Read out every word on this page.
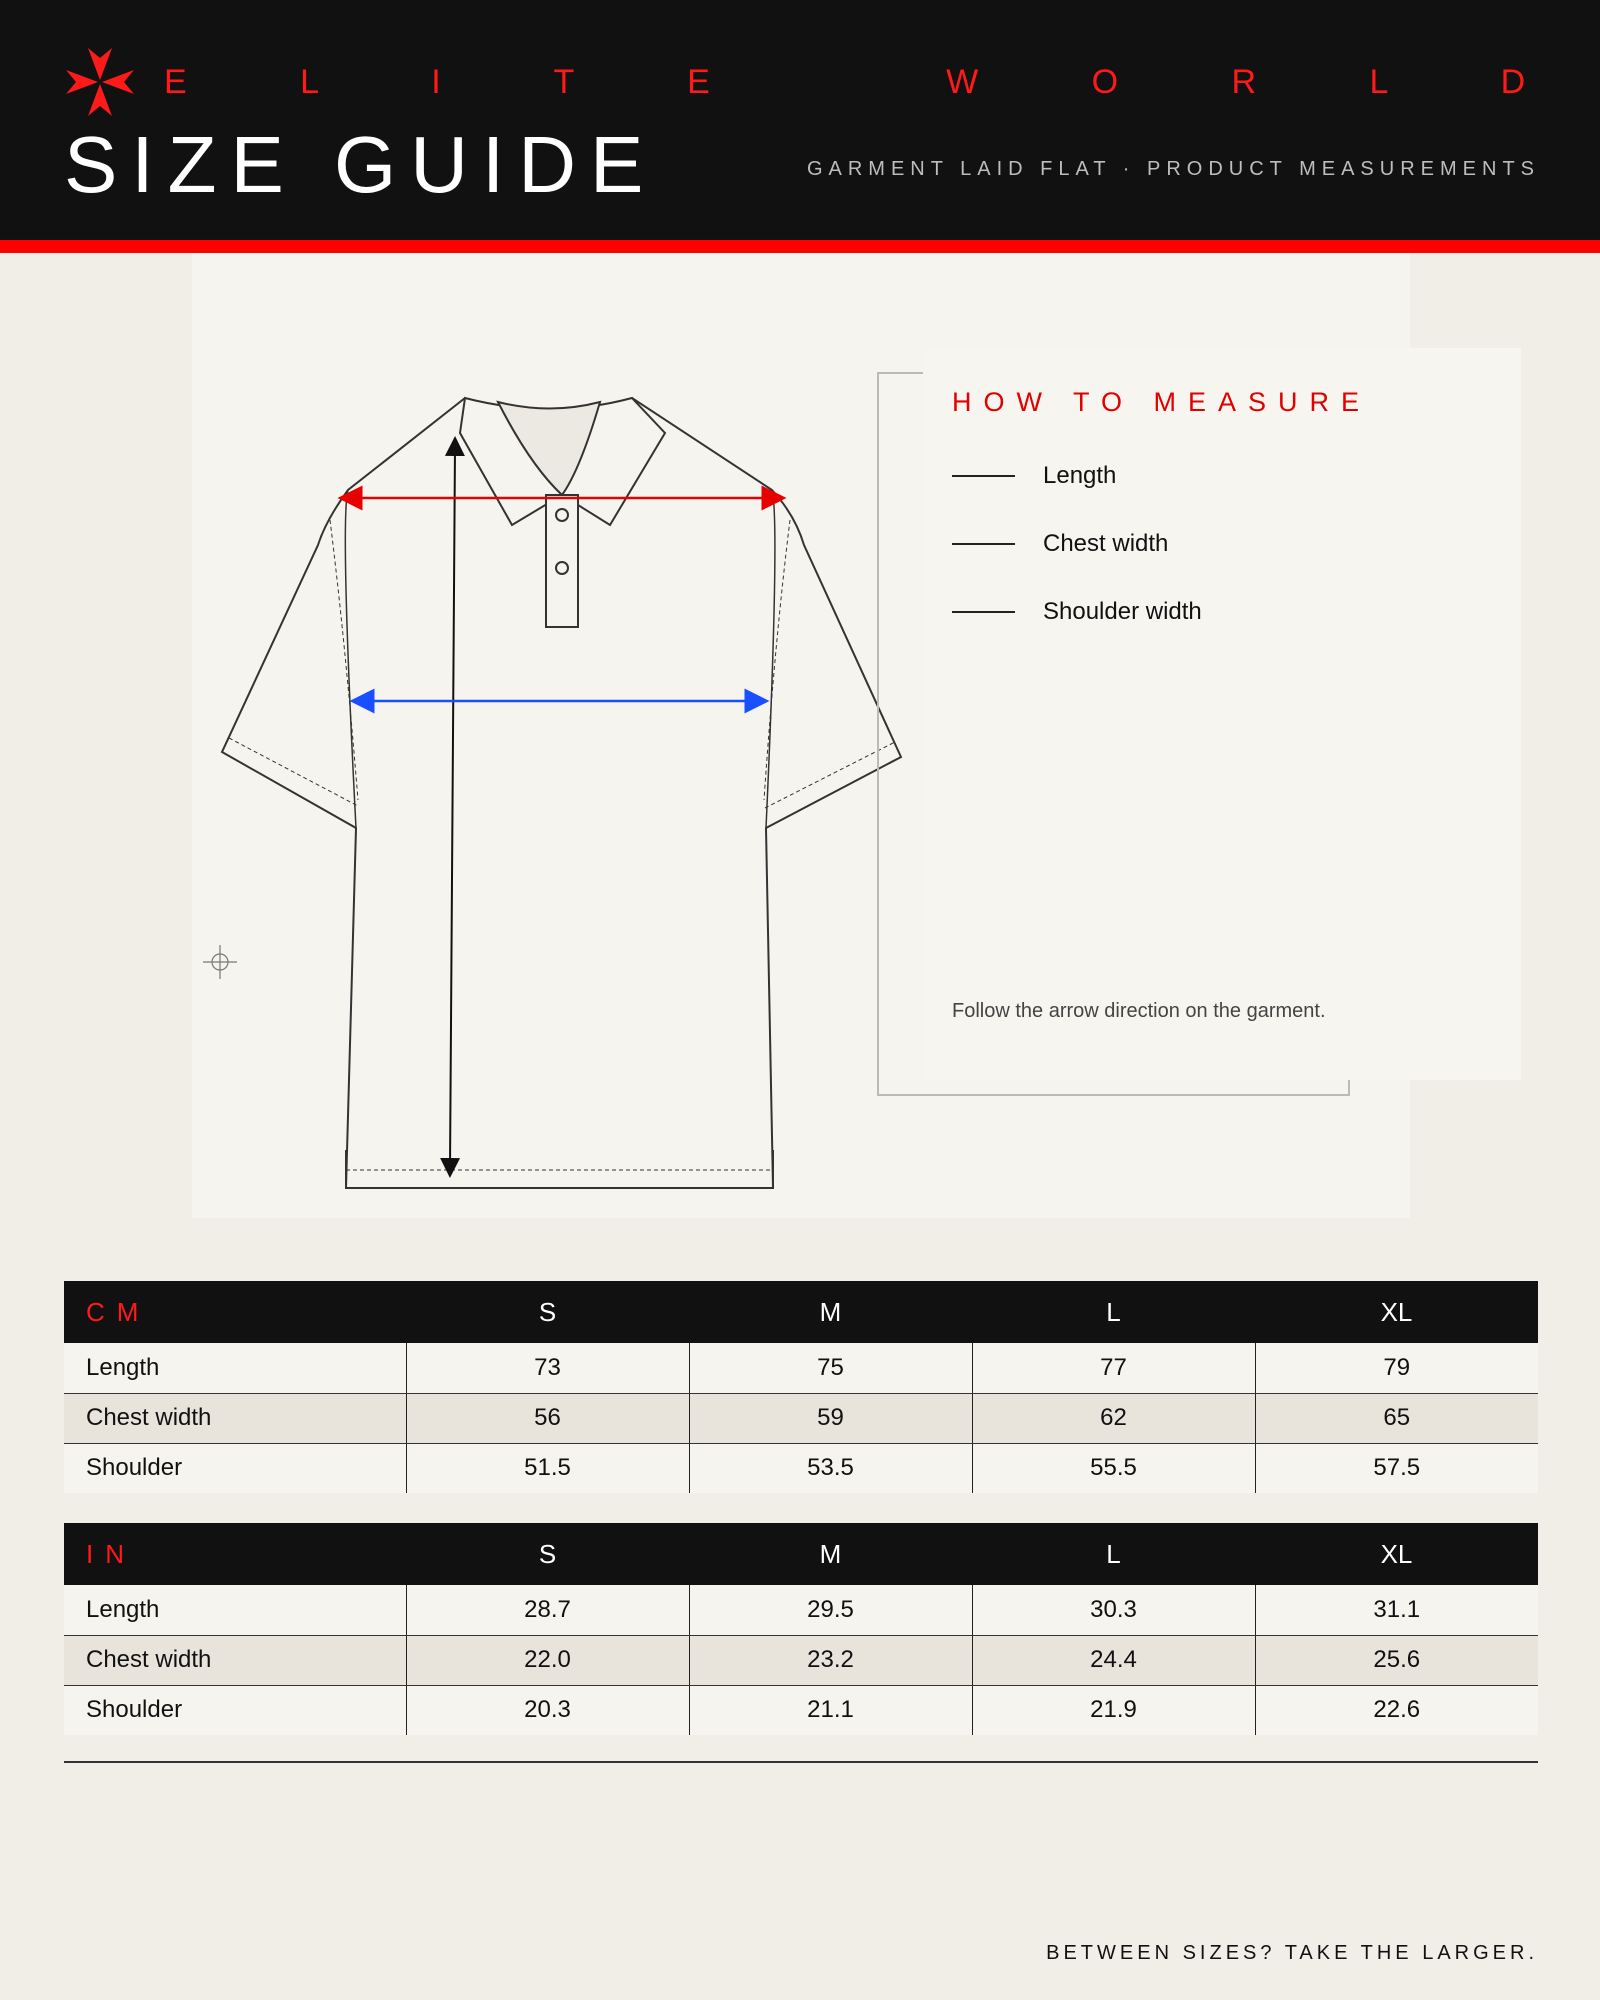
E L I T E   W O R L D
SIZE GUIDE	GARMENT LAID FLAT · PRODUCT MEASUREMENTS
HOW TO MEASURE
Length
Chest width
Shoulder width
Follow the arrow direction on the garment.
CM	S	M	L	XL
Length	73	75	77	79
Chest width	56	59	62	65
Shoulder	51.5	53.5	55.5	57.5
IN	S	M	L	XL
Length	28.7	29.5	30.3	31.1
Chest width	22.0	23.2	24.4	25.6
Shoulder	20.3	21.1	21.9	22.6
BETWEEN SIZES? TAKE THE LARGER.
